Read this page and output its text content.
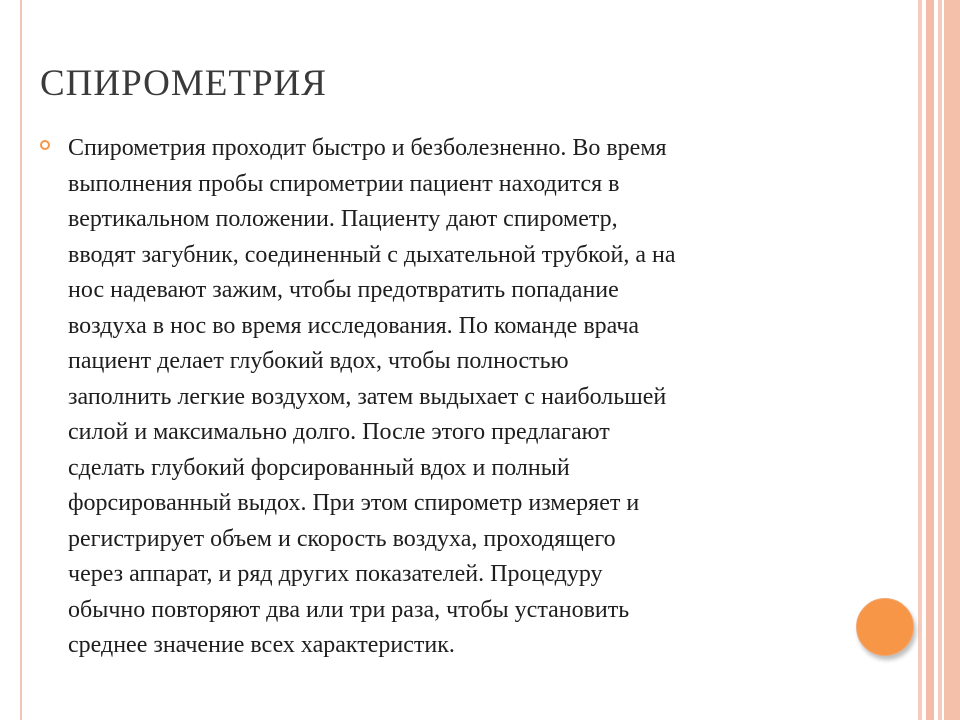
СПИРОМЕТРИЯ

Спирометрия проходит быстро и безболезненно. Во время
выполнения пробы спирометрии пациент находится в
вертикальном положении. Пациенту дают спирометр,
вводят загубник, соединенный с дыхательной трубкой, а на
нос надевают зажим, чтобы предотвратить попадание
воздуха в нос во время исследования. По команде врача
пациент делает глубокий вдох, чтобы полностью
заполнить легкие воздухом, затем выдыхает с наибольшей
силой и максимально долго. После этого предлагают
сделать глубокий форсированный вдох и полный
форсированный выдох. При этом спирометр измеряет и
регистрирует объем и скорость воздуха, проходящего
через аппарат, и ряд других показателей. Процедуру
обычно повторяют два или три раза, чтобы установить
среднее значение всех характеристик.
